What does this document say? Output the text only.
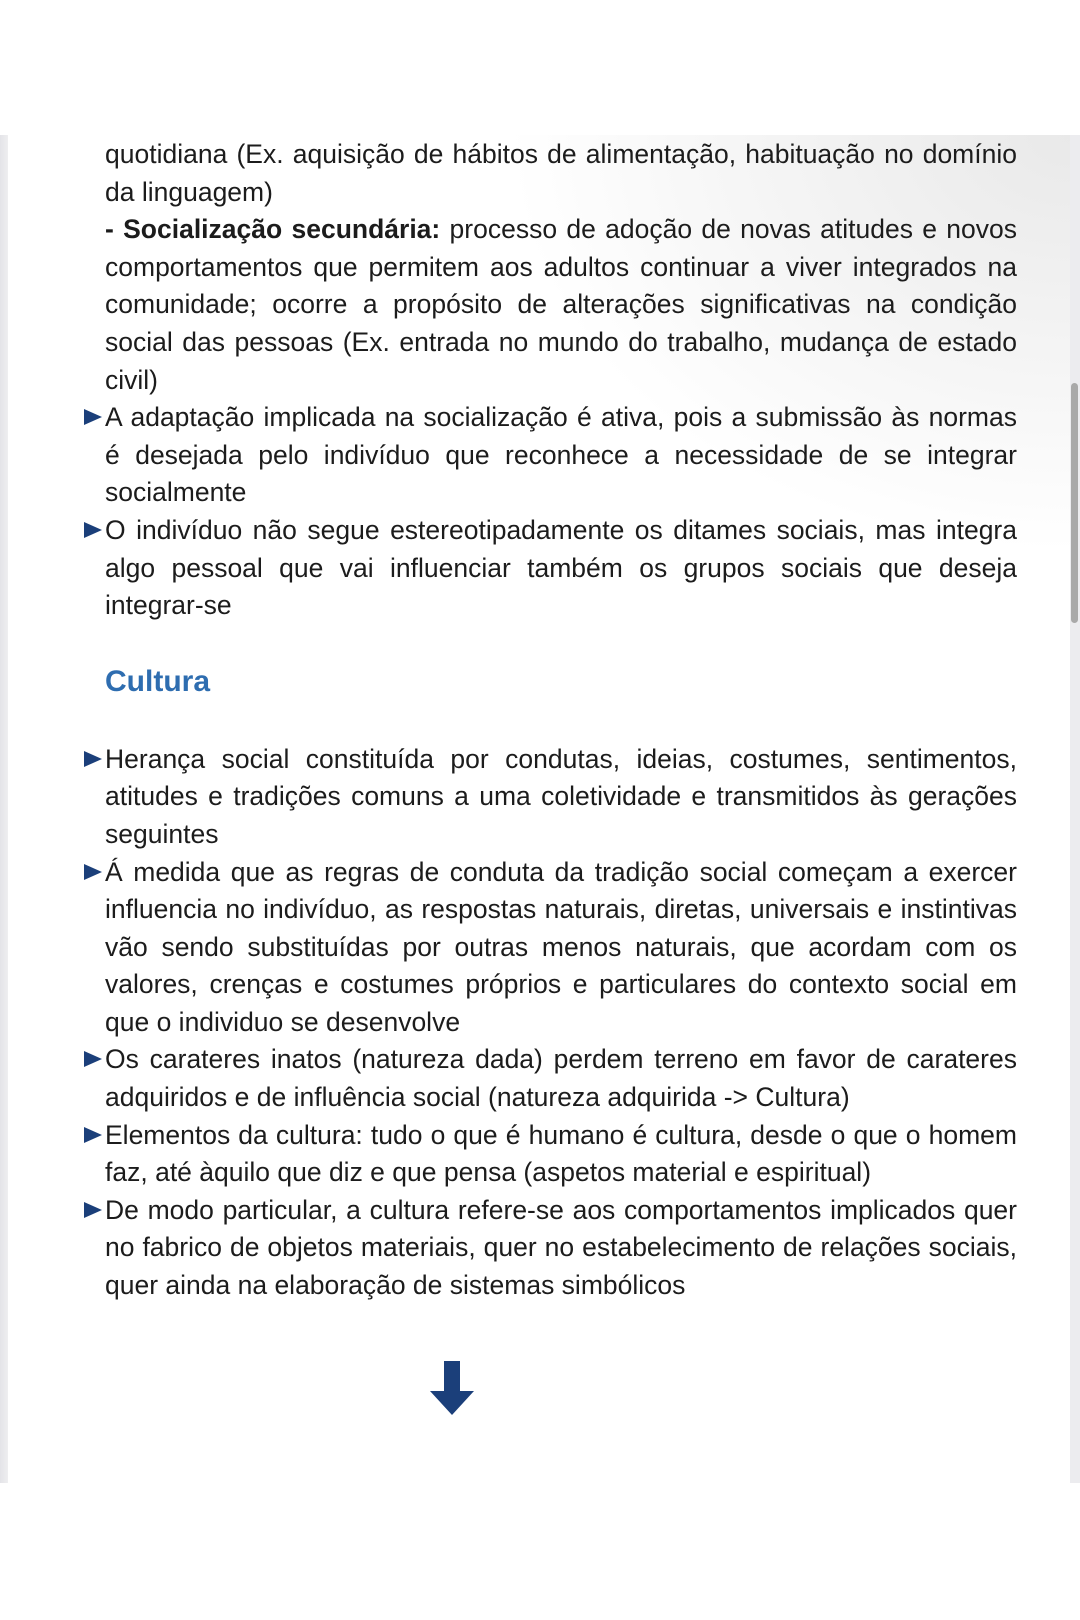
quotidiana (Ex. aquisição de hábitos de alimentação, habituação no domínio da linguagem)

- Socialização secundária: processo de adoção de novas atitudes e novos comportamentos que permitem aos adultos continuar a viver integrados na comunidade; ocorre a propósito de alterações significativas na condição social das pessoas (Ex. entrada no mundo do trabalho, mudança de estado civil)

A adaptação implicada na socialização é ativa, pois a submissão às normas é desejada pelo indivíduo que reconhece a necessidade de se integrar socialmente

O indivíduo não segue estereotipadamente os ditames sociais, mas integra algo pessoal que vai influenciar também os grupos sociais que deseja integrar-se

Cultura

Herança social constituída por condutas, ideias, costumes, sentimentos, atitudes e tradições comuns a uma coletividade e transmitidos às gerações seguintes

Á medida que as regras de conduta da tradição social começam a exercer influencia no indivíduo, as respostas naturais, diretas, universais e instintivas vão sendo substituídas por outras menos naturais, que acordam com os valores, crenças e costumes próprios e particulares do contexto social em que o individuo se desenvolve

Os carateres inatos (natureza dada) perdem terreno em favor de carateres adquiridos e de influência social (natureza adquirida -> Cultura)

Elementos da cultura: tudo o que é humano é cultura, desde o que o homem faz, até àquilo que diz e que pensa (aspetos material e espiritual)

De modo particular, a cultura refere-se aos comportamentos implicados quer no fabrico de objetos materiais, quer no estabelecimento de relações sociais, quer ainda na elaboração de sistemas simbólicos
